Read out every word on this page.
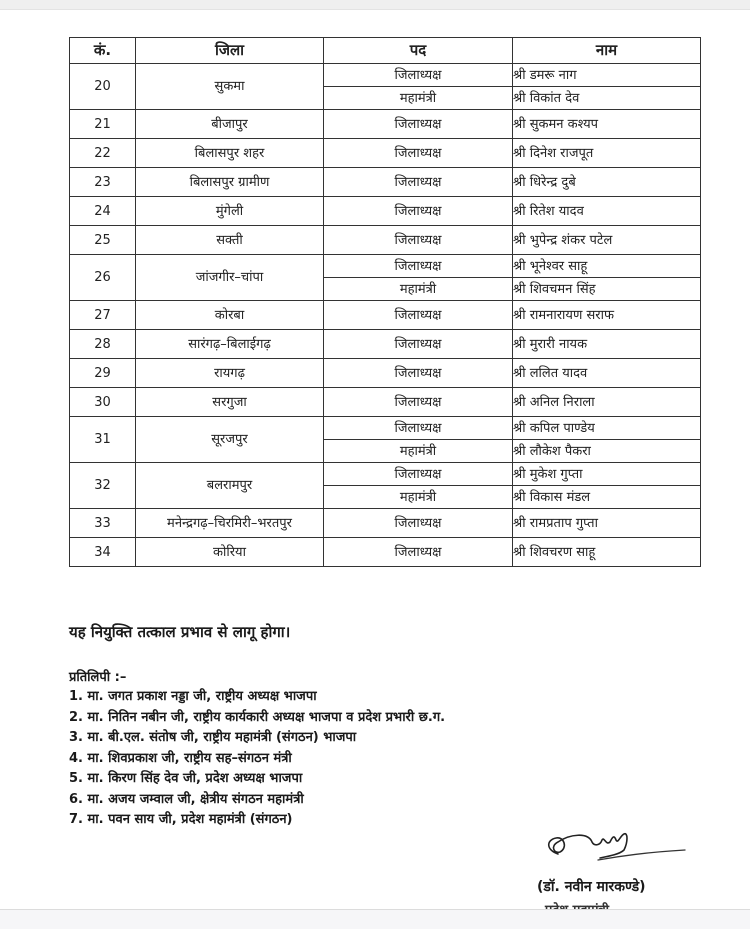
कं.	जिला	पद	नाम
20	सुकमा	जिलाध्यक्ष	श्री डमरू नाग
		महामंत्री	श्री विकांत देव
21	बीजापुर	जिलाध्यक्ष	श्री सुकमन कश्यप
22	बिलासपुर शहर	जिलाध्यक्ष	श्री दिनेश राजपूत
23	बिलासपुर ग्रामीण	जिलाध्यक्ष	श्री धिरेन्द्र दुबे
24	मुंगेली	जिलाध्यक्ष	श्री रितेश यादव
25	सक्ती	जिलाध्यक्ष	श्री भुपेन्द्र शंकर पटेल
26	जांजगीर–चांपा	जिलाध्यक्ष	श्री भूनेश्वर साहू
		महामंत्री	श्री शिवचमन सिंह
27	कोरबा	जिलाध्यक्ष	श्री रामनारायण सराफ
28	सारंगढ़–बिलाईगढ़	जिलाध्यक्ष	श्री मुरारी नायक
29	रायगढ़	जिलाध्यक्ष	श्री ललित यादव
30	सरगुजा	जिलाध्यक्ष	श्री अनिल निराला
31	सूरजपुर	जिलाध्यक्ष	श्री कपिल पाण्डेय
		महामंत्री	श्री लौकेश पैकरा
32	बलरामपुर	जिलाध्यक्ष	श्री मुकेश गुप्ता
		महामंत्री	श्री विकास मंडल
33	मनेन्द्रगढ़–चिरमिरी–भरतपुर	जिलाध्यक्ष	श्री रामप्रताप गुप्ता
34	कोरिया	जिलाध्यक्ष	श्री शिवचरण साहू
यह नियुक्ति तत्काल प्रभाव से लागू होगा।
प्रतिलिपी :–
1. मा. जगत प्रकाश नड्डा जी, राष्ट्रीय अध्यक्ष भाजपा
2. मा. नितिन नबीन जी, राष्ट्रीय कार्यकारी अध्यक्ष भाजपा व प्रदेश प्रभारी छ.ग.
3. मा. बी.एल. संतोष जी, राष्ट्रीय महामंत्री (संगठन) भाजपा
4. मा. शिवप्रकाश जी, राष्ट्रीय सह–संगठन मंत्री
5. मा. किरण सिंह देव जी, प्रदेश अध्यक्ष भाजपा
6. मा. अजय जम्वाल जी, क्षेत्रीय संगठन महामंत्री
7. मा. पवन साय जी, प्रदेश महामंत्री (संगठन)
(डॉ. नवीन मारकण्डे)
